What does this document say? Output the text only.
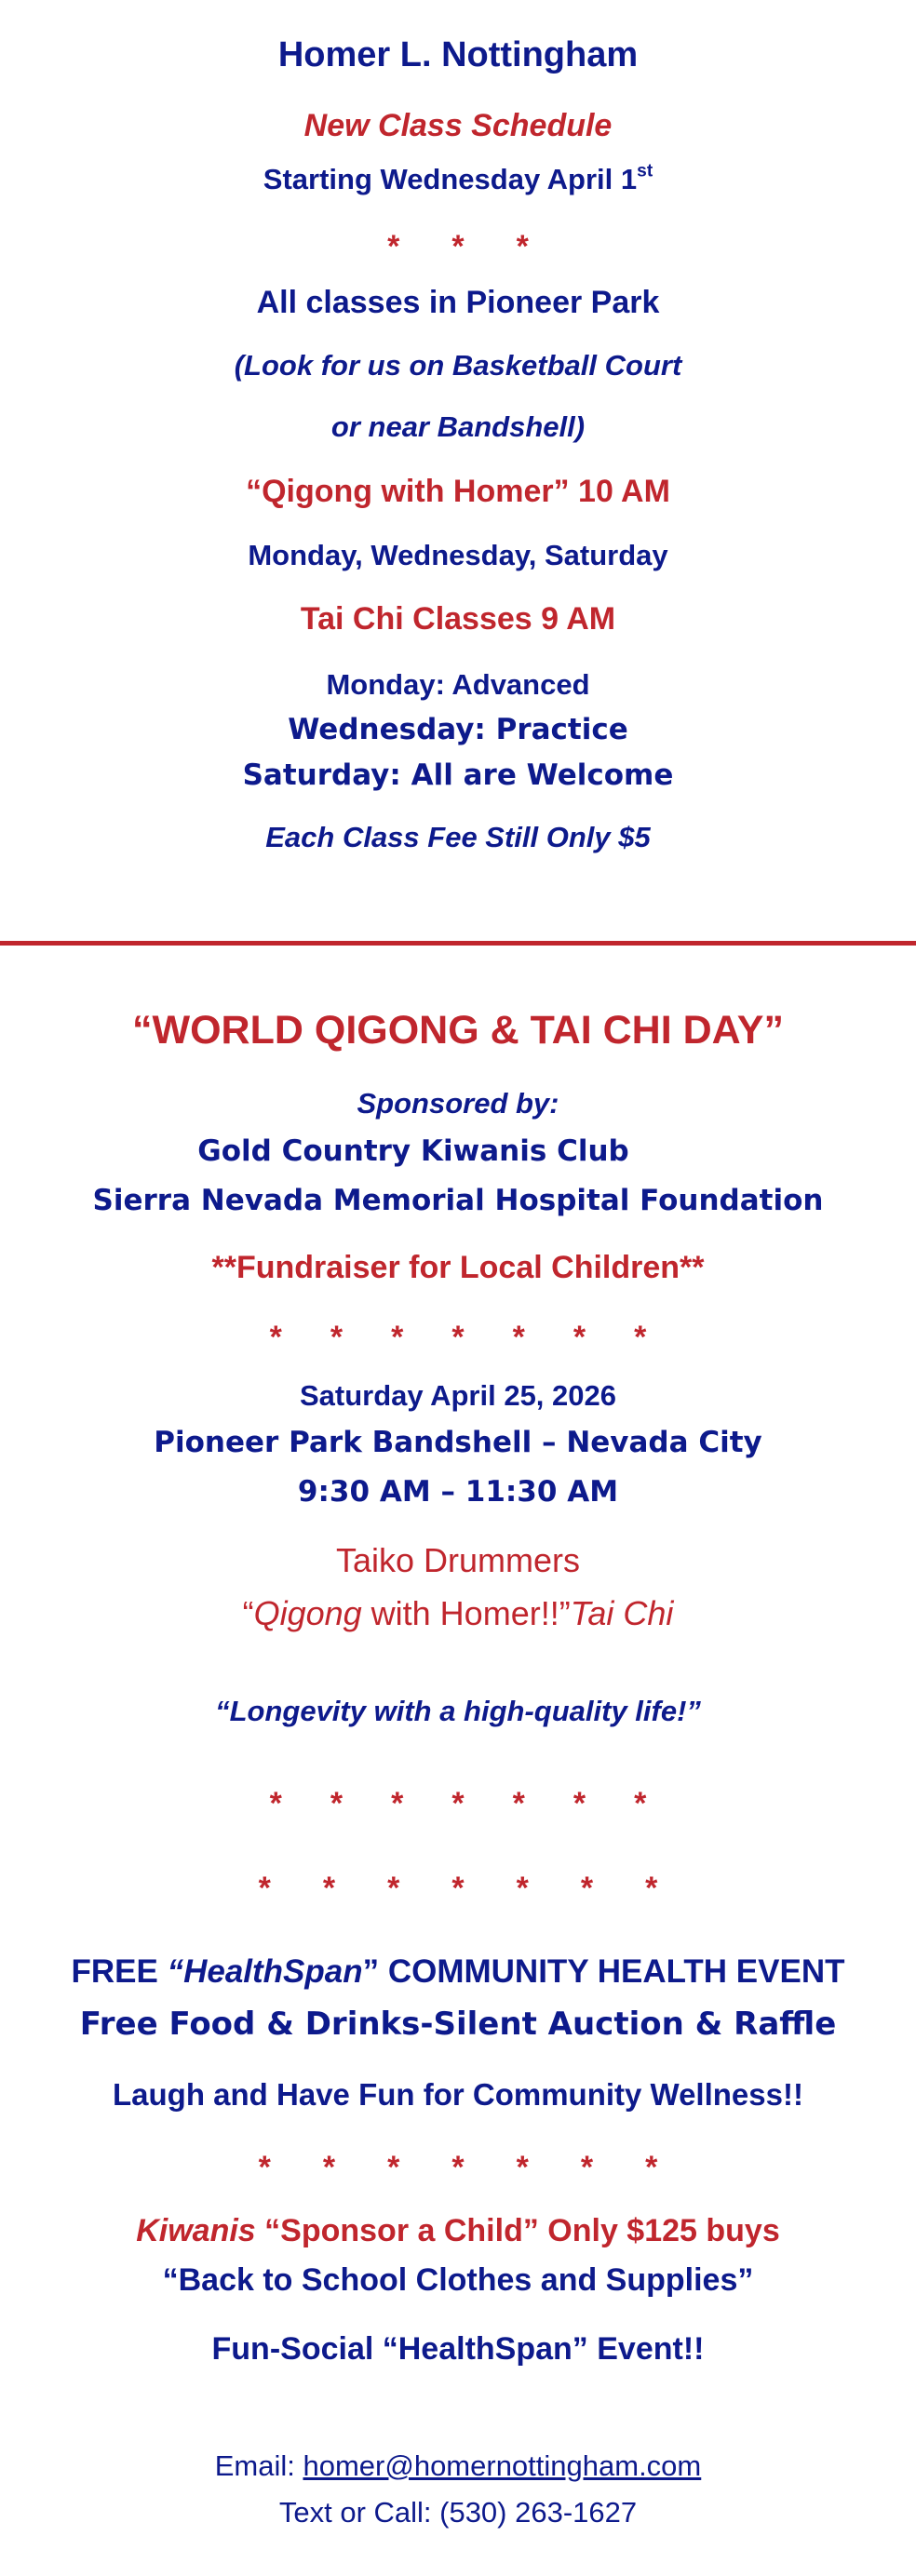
Homer L. Nottingham
New Class Schedule
Starting Wednesday April 1st
* * *
All classes in Pioneer Park
(Look for us on Basketball Court
or near Bandshell)
“Qigong with Homer” 10 AM
Monday, Wednesday, Saturday
Tai Chi Classes 9 AM
Monday: Advanced
Wednesday: Practice
Saturday: All are Welcome
Each Class Fee Still Only $5
“WORLD QIGONG & TAI CHI DAY”
Sponsored by:
Gold Country Kiwanis Club
Sierra Nevada Memorial Hospital Foundation
**Fundraiser for Local Children**
* * * * * * *
Saturday April 25, 2026
Pioneer Park Bandshell – Nevada City
9:30 AM – 11:30 AM
Taiko Drummers
“Qigong with Homer!!”Tai Chi
“Longevity with a high-quality life!”
* * * * * * *
* * * * * * *
FREE “HealthSpan” COMMUNITY HEALTH EVENT
Free Food & Drinks-Silent Auction & Raffle
Laugh and Have Fun for Community Wellness!!
* * * * * * *
Kiwanis “Sponsor a Child” Only $125 buys
“Back to School Clothes and Supplies”
Fun-Social “HealthSpan” Event!!
Email: homer@homernottingham.com
Text or Call: (530) 263-1627
